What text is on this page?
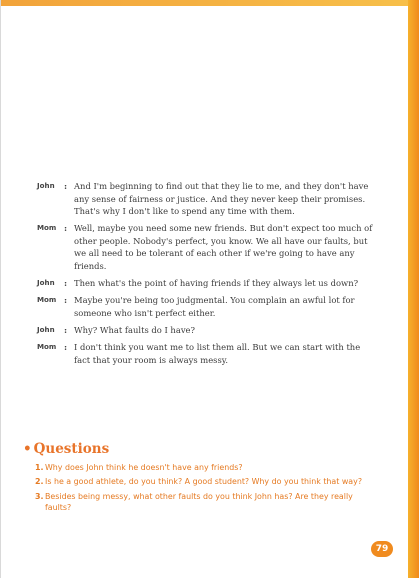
John	: And I'm beginning to find out that they lie to me, and they don't have any sense of fairness or justice. And they never keep their promises. That's why I don't like to spend any time with them.
Mom : Well, maybe you need some new friends. But don't expect too much of other people. Nobody's perfect, you know. We all have our faults, but we all need to be tolerant of each other if we're going to have any friends.
John	: Then what's the point of having friends if they always let us down?
Mom : Maybe you're being too judgmental. You complain an awful lot for someone who isn't perfect either.
John	: Why? What faults do I have?
Mom : I don't think you want me to list them all. But we can start with the fact that your room is always messy.
• Questions
1. Why does John think he doesn't have any friends?
2. Is he a good athlete, do you think? A good student? Why do you think that way?
3. Besides being messy, what other faults do you think John has? Are they really faults?
79
